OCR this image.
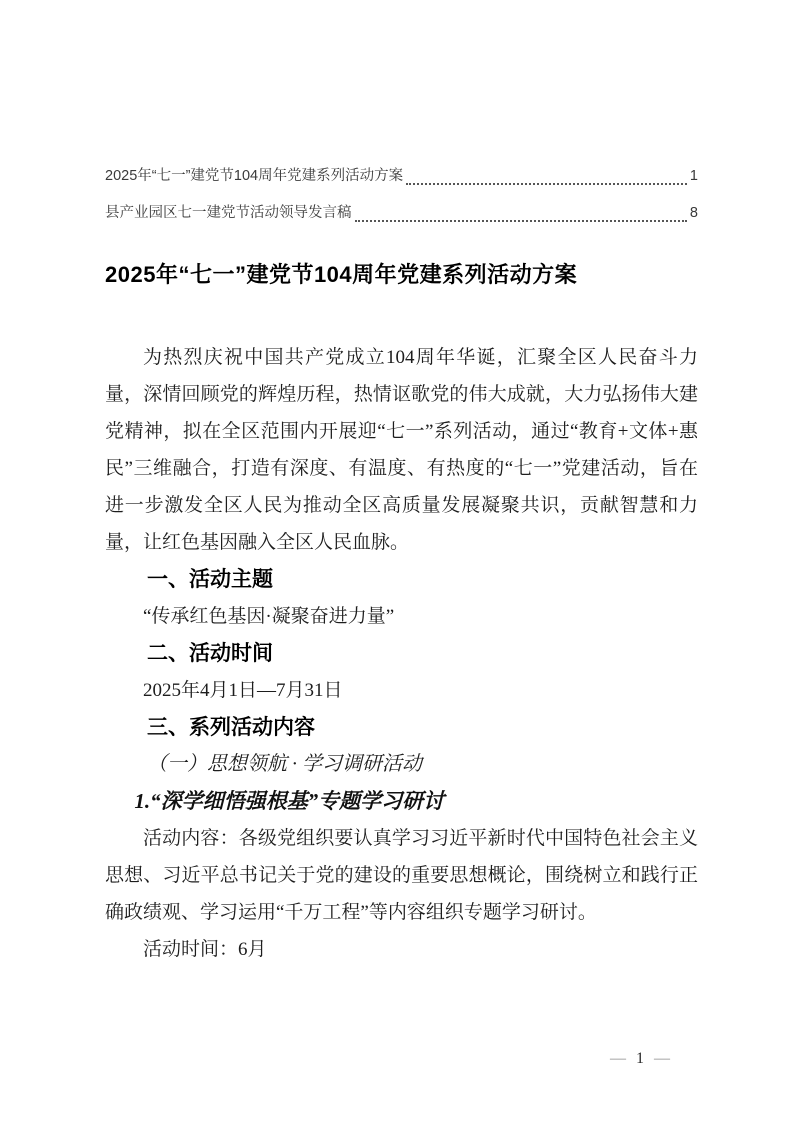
2025年“七一”建党节104周年党建系列活动方案	1
县产业园区七一建党节活动领导发言稿	8
2025年“七一”建党节104周年党建系列活动方案

为热烈庆祝中国共产党成立104周年华诞，汇聚全区人民奋斗力量，深情回顾党的辉煌历程，热情讴歌党的伟大成就，大力弘扬伟大建党精神，拟在全区范围内开展迎“七一”系列活动，通过“教育+文体+惠民”三维融合，打造有深度、有温度、有热度的“七一”党建活动，旨在进一步激发全区人民为推动全区高质量发展凝聚共识，贡献智慧和力量，让红色基因融入全区人民血脉。

一、活动主题

“传承红色基因·凝聚奋进力量”

二、活动时间

2025年4月1日—7月31日

三、系列活动内容

（一）思想领航 · 学习调研活动

1.“深学细悟强根基”专题学习研讨

活动内容：各级党组织要认真学习习近平新时代中国特色社会主义思想、习近平总书记关于党的建设的重要思想概论，围绕树立和践行正确政绩观、学习运用“千万工程”等内容组织专题学习研讨。

活动时间：6月

— 1 —
